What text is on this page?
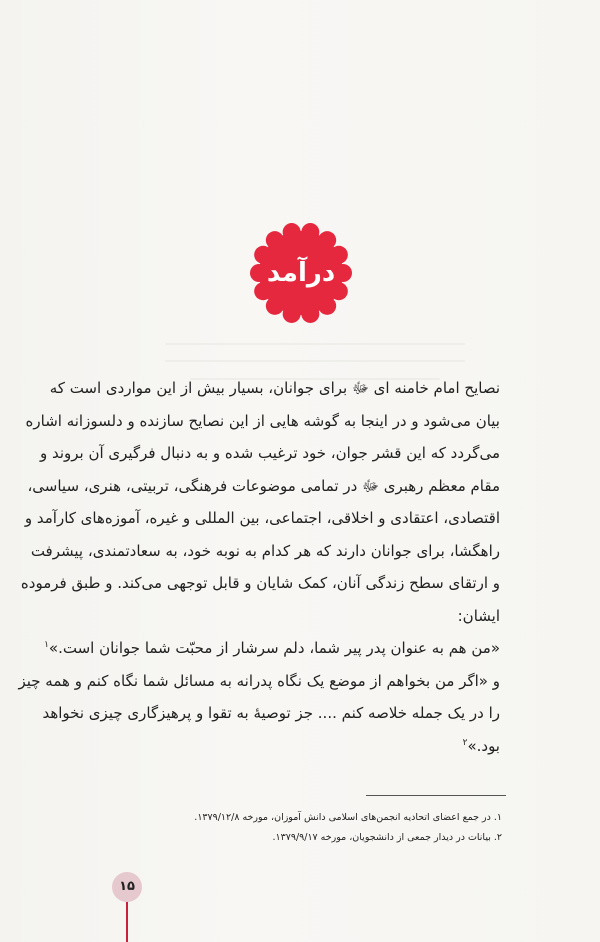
درآمد
نصایح امام خامنه ای ﷻ برای جوانان، بسیار بیش از این مواردی است که
بیان می‌شود و در اینجا به گوشه هایی از این نصایح سازنده و دلسوزانه اشاره
می‌گردد که این قشر جوان، خود ترغیب شده و به دنبال فرگیری آن بروند و
مقام معظم رهبری ﷻ در تمامی موضوعات فرهنگی، تربیتی، هنری، سیاسی،
اقتصادی، اعتقادی و اخلاقی، اجتماعی، بین المللی و غیره، آموزه‌های کارآمد و
راهگشا، برای جوانان دارند که هر کدام به نوبه خود، به سعادتمندی، پیشرفت
و ارتقای سطح زندگی آنان، کمک شایان و قابل توجهی می‌کند. و طبق فرموده
ایشان:
«من هم به عنوان پدر پیر شما، دلم سرشار از محبّت شما جوانان است.»$^۱$
و «اگر من بخواهم از موضع یک نگاه پدرانه به مسائل شما نگاه کنم و همه چیز
را در یک جمله خلاصه کنم .... جز توصیهٔ به تقوا و پرهیزگاری چیزی نخواهد
بود.»$^۲$
۱. در جمع اعضای اتحادیه انجمن‌های اسلامی دانش آموزان، مورخه ۱۳۷۹/۱۲/۸.
۲. بیانات در دیدار جمعی از دانشجویان، مورخه ۱۳۷۹/۹/۱۷.
۱۵
